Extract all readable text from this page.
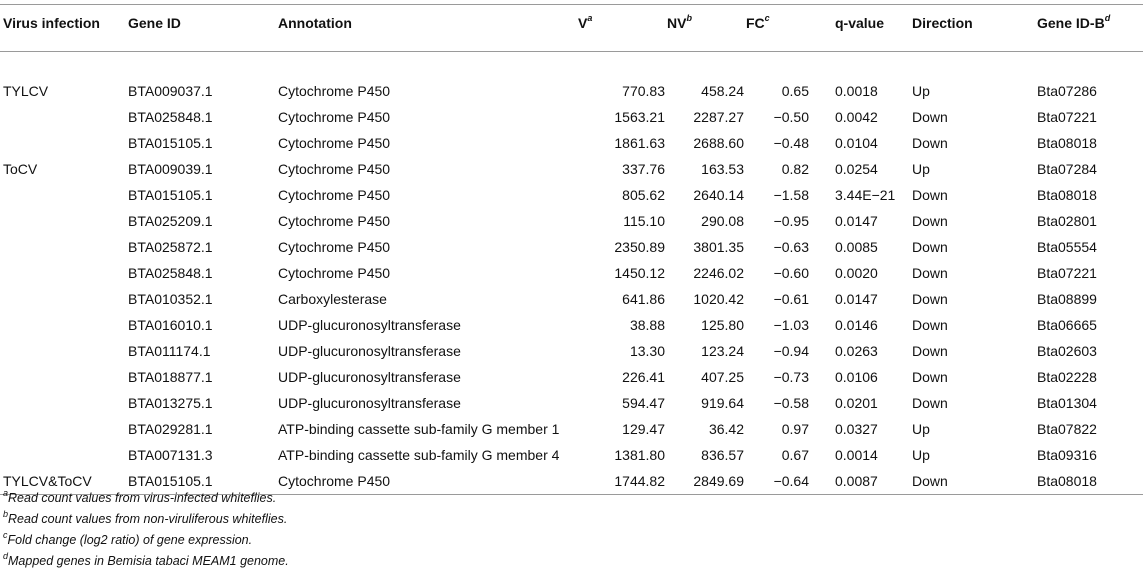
Virus infection	Gene ID	Annotation	$V^a$	$NV^b$	$FC^c$	q-value	Direction	Gene $ID-B^d$

TYLCV	BTA009037.1	Cytochrome P450	770.83	458.24	0.65	0.0018	Up	Bta07286
	BTA025848.1	Cytochrome P450	1563.21	2287.27	−0.50	0.0042	Down	Bta07221
	BTA015105.1	Cytochrome P450	1861.63	2688.60	−0.48	0.0104	Down	Bta08018
ToCV	BTA009039.1	Cytochrome P450	337.76	163.53	0.82	0.0254	Up	Bta07284
	BTA015105.1	Cytochrome P450	805.62	2640.14	−1.58	3.44E−21	Down	Bta08018
	BTA025209.1	Cytochrome P450	115.10	290.08	−0.95	0.0147	Down	Bta02801
	BTA025872.1	Cytochrome P450	2350.89	3801.35	−0.63	0.0085	Down	Bta05554
	BTA025848.1	Cytochrome P450	1450.12	2246.02	−0.60	0.0020	Down	Bta07221
	BTA010352.1	Carboxylesterase	641.86	1020.42	−0.61	0.0147	Down	Bta08899
	BTA016010.1	UDP-glucuronosyltransferase	38.88	125.80	−1.03	0.0146	Down	Bta06665
	BTA011174.1	UDP-glucuronosyltransferase	13.30	123.24	−0.94	0.0263	Down	Bta02603
	BTA018877.1	UDP-glucuronosyltransferase	226.41	407.25	−0.73	0.0106	Down	Bta02228
	BTA013275.1	UDP-glucuronosyltransferase	594.47	919.64	−0.58	0.0201	Down	Bta01304
	BTA029281.1	ATP-binding cassette sub-family G member 1	129.47	36.42	0.97	0.0327	Up	Bta07822
	BTA007131.3	ATP-binding cassette sub-family G member 4	1381.80	836.57	0.67	0.0014	Up	Bta09316
TYLCV&ToCV	BTA015105.1	Cytochrome P450	1744.82	2849.69	−0.64	0.0087	Down	Bta08018
$^a$Read count values from virus-infected whiteflies.
$^b$Read count values from non-viruliferous whiteflies.
$^c$Fold change (log2 ratio) of gene expression.
$^d$Mapped genes in Bemisia tabaci MEAM1 genome.
